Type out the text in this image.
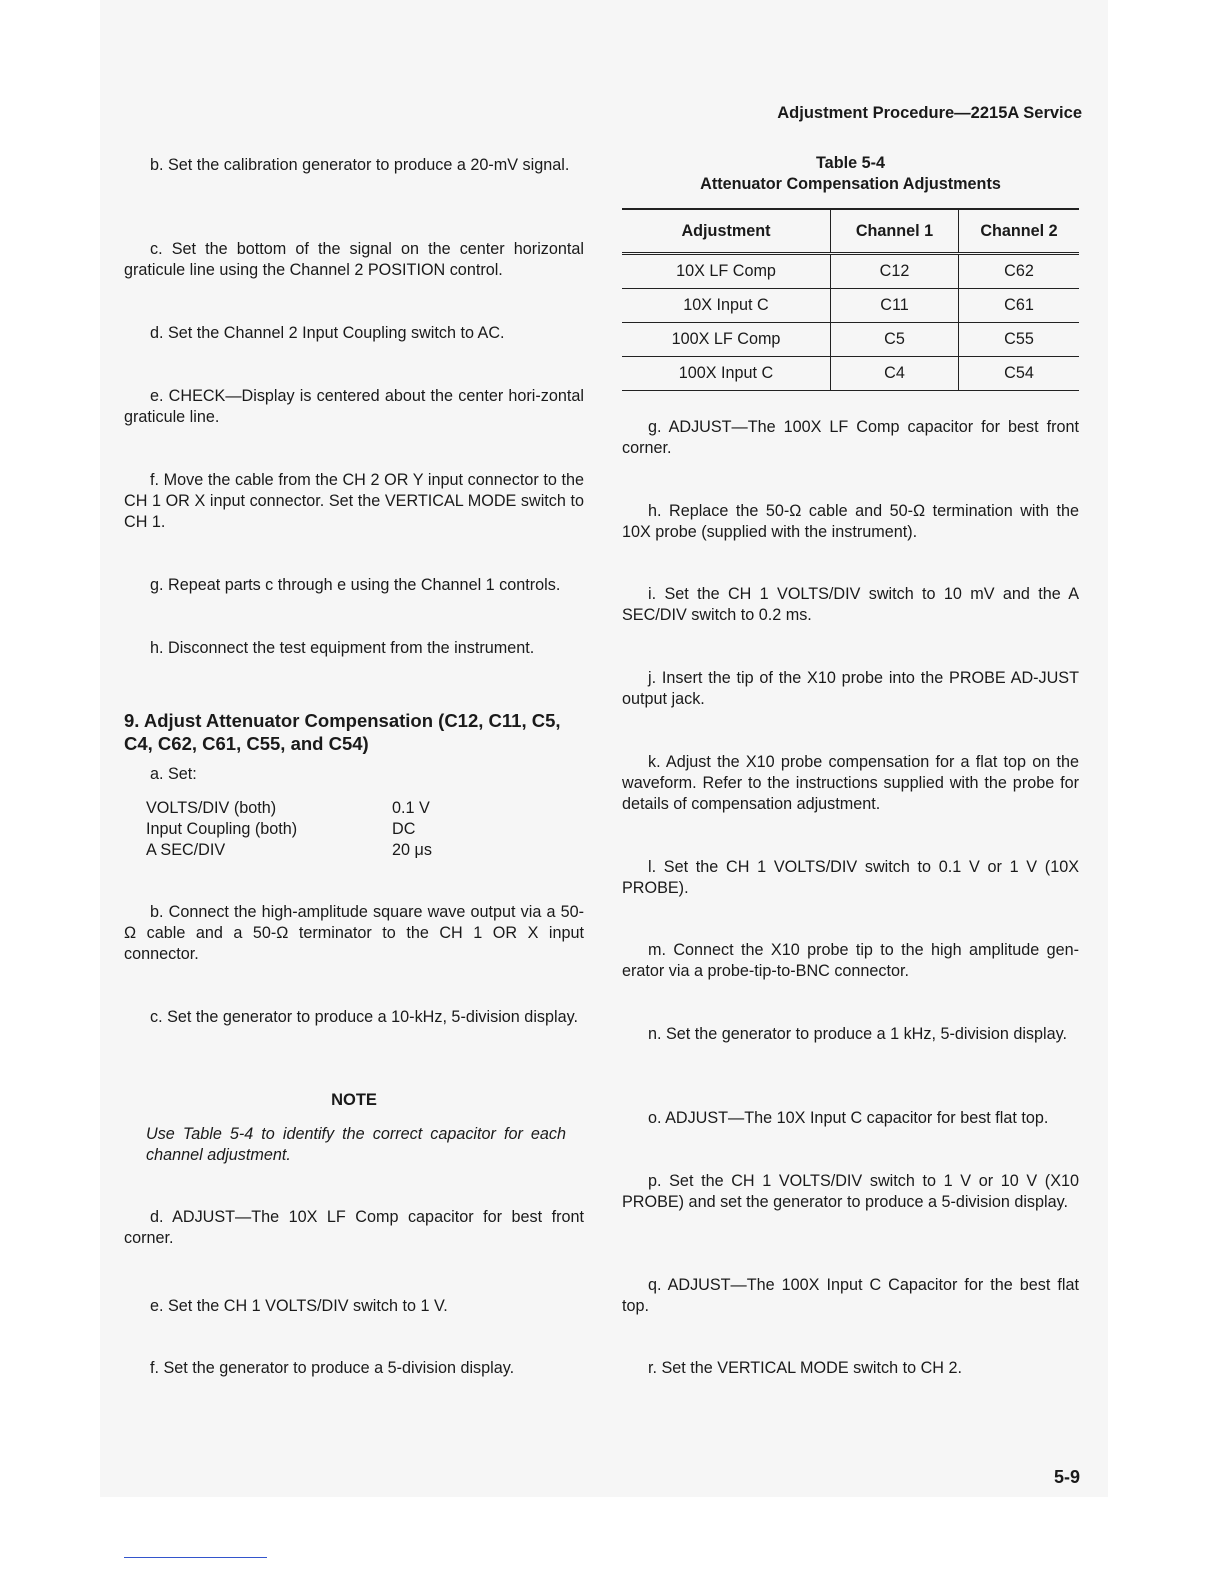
Adjustment Procedure—2215A Service
b. Set the calibration generator to produce a 20-mV signal.
c. Set the bottom of the signal on the center horizontal graticule line using the Channel 2 POSITION control.
d. Set the Channel 2 Input Coupling switch to AC.
e. CHECK—Display is centered about the center hori-zontal graticule line.
f. Move the cable from the CH 2 OR Y input connector to the CH 1 OR X input connector. Set the VERTICAL MODE switch to CH 1.
g. Repeat parts c through e using the Channel 1 controls.
h. Disconnect the test equipment from the instrument.
9. Adjust Attenuator Compensation (C12, C11, C5, C4, C62, C61, C55, and C54)
a. Set:
VOLTS/DIV (both)	0.1 V
Input Coupling (both)	DC
A SEC/DIV	20 μs
b. Connect the high-amplitude square wave output via a 50-Ω cable and a 50-Ω terminator to the CH 1 OR X input connector.
c. Set the generator to produce a 10-kHz, 5-division display.
NOTE
Use Table 5-4 to identify the correct capacitor for each channel adjustment.
d. ADJUST—The 10X LF Comp capacitor for best front corner.
e. Set the CH 1 VOLTS/DIV switch to 1 V.
f. Set the generator to produce a 5-division display.
Table 5-4
Attenuator Compensation Adjustments
Adjustment	Channel 1	Channel 2
10X LF Comp	C12	C62
10X Input C	C11	C61
100X LF Comp	C5	C55
100X Input C	C4	C54
g. ADJUST—The 100X LF Comp capacitor for best front corner.
h. Replace the 50-Ω cable and 50-Ω termination with the 10X probe (supplied with the instrument).
i. Set the CH 1 VOLTS/DIV switch to 10 mV and the A SEC/DIV switch to 0.2 ms.
j. Insert the tip of the X10 probe into the PROBE AD-JUST output jack.
k. Adjust the X10 probe compensation for a flat top on the waveform. Refer to the instructions supplied with the probe for details of compensation adjustment.
l. Set the CH 1 VOLTS/DIV switch to 0.1 V or 1 V (10X PROBE).
m. Connect the X10 probe tip to the high amplitude gen-erator via a probe-tip-to-BNC connector.
n. Set the generator to produce a 1 kHz, 5-division display.
o. ADJUST—The 10X Input C capacitor for best flat top.
p. Set the CH 1 VOLTS/DIV switch to 1 V or 10 V (X10 PROBE) and set the generator to produce a 5-division display.
q. ADJUST—The 100X Input C Capacitor for the best flat top.
r. Set the VERTICAL MODE switch to CH 2.
5-9
